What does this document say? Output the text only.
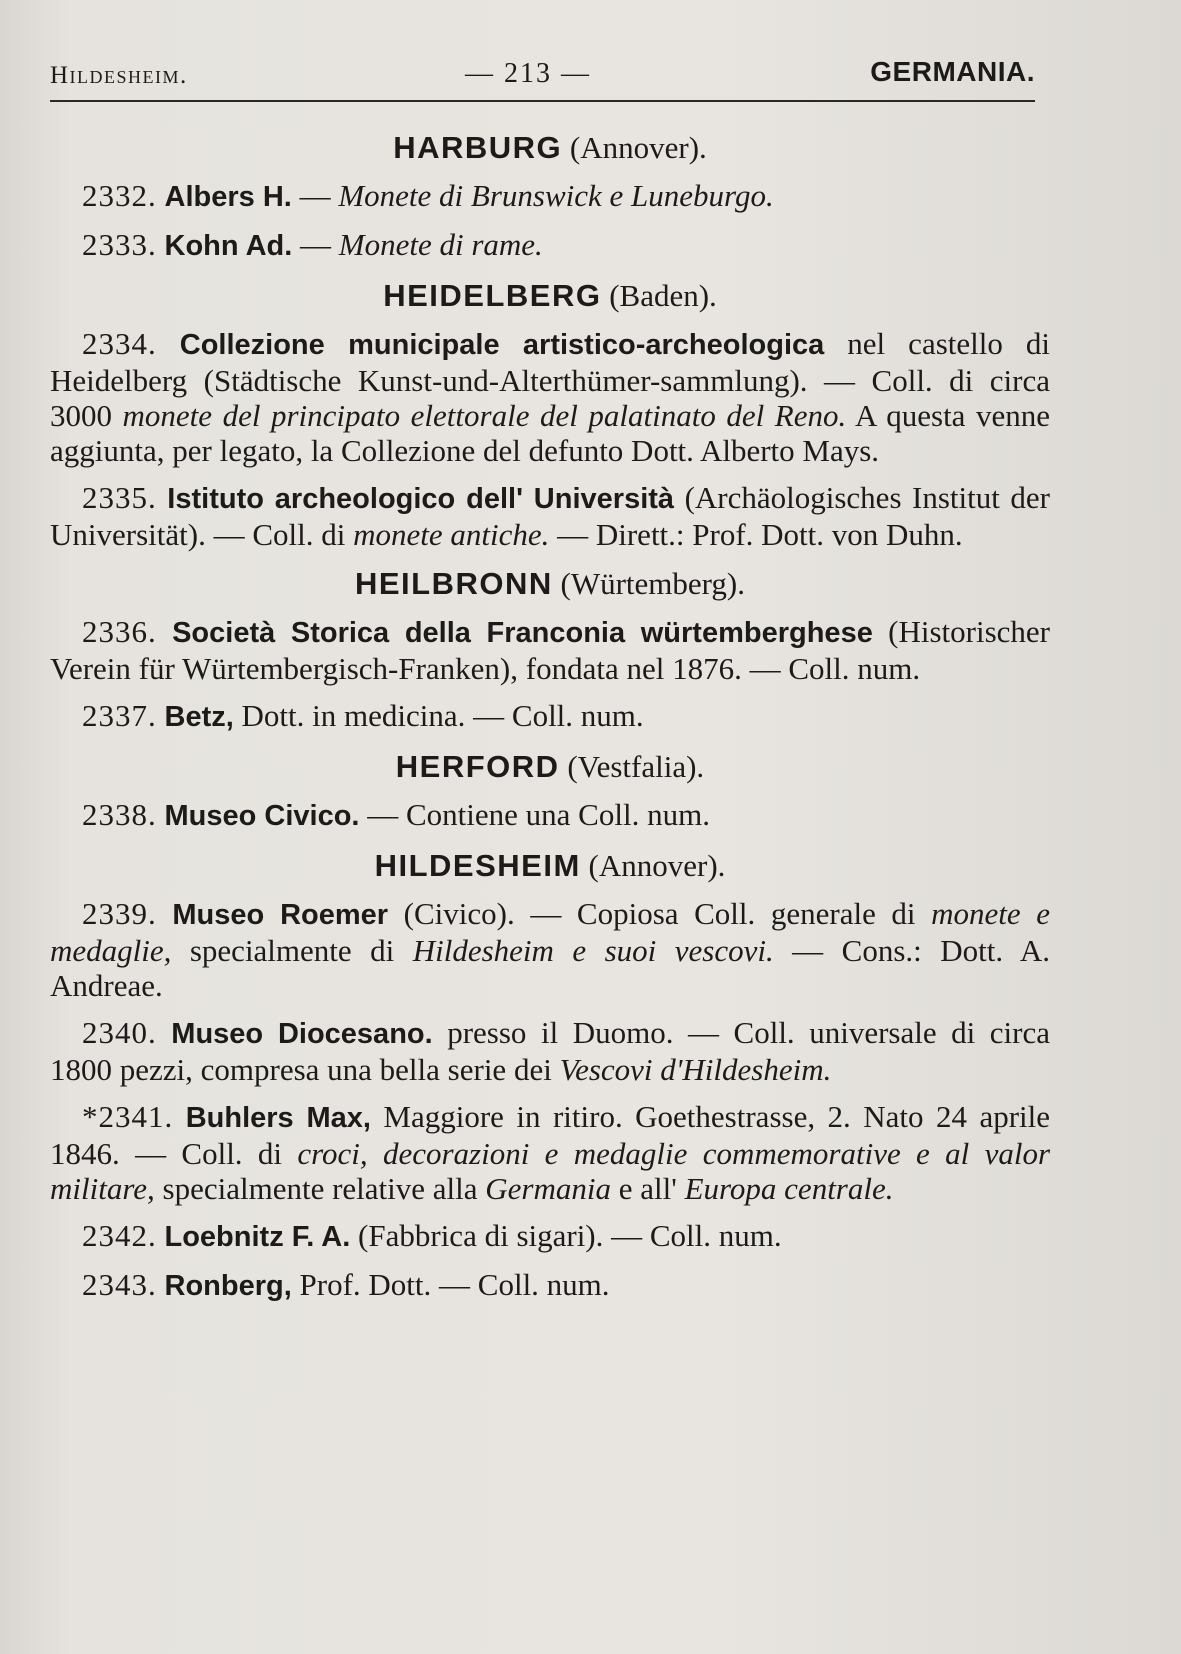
Hildesheim.	— 213 —	GERMANIA.
HARBURG (Annover).
2332. Albers H. — Monete di Brunswick e Luneburgo.
2333. Kohn Ad. — Monete di rame.
HEIDELBERG (Baden).
2334. Collezione municipale artistico-archeologica nel castello di Heidelberg (Städtische Kunst-und-Alterthümer-sammlung). — Coll. di circa 3000 monete del principato elettorale del palatinato del Reno. A questa venne aggiunta, per legato, la Collezione del defunto Dott. Alberto Mays.
2335. Istituto archeologico dell' Università (Archäologisches Institut der Universität). — Coll. di monete antiche. — Dirett.: Prof. Dott. von Duhn.
HEILBRONN (Würtemberg).
2336. Società Storica della Franconia würtemberghese (Historischer Verein für Würtembergisch-Franken), fondata nel 1876. — Coll. num.
2337. Betz, Dott. in medicina. — Coll. num.
HERFORD (Vestfalia).
2338. Museo Civico. — Contiene una Coll. num.
HILDESHEIM (Annover).
2339. Museo Roemer (Civico). — Copiosa Coll. generale di monete e medaglie, specialmente di Hildesheim e suoi vescovi. — Cons.: Dott. A. Andreae.
2340. Museo Diocesano. presso il Duomo. — Coll. universale di circa 1800 pezzi, compresa una bella serie dei Vescovi d'Hildesheim.
*2341. Buhlers Max, Maggiore in ritiro. Goethestrasse, 2. Nato 24 aprile 1846. — Coll. di croci, decorazioni e medaglie commemorative e al valor militare, specialmente relative alla Germania e all' Europa centrale.
2342. Loebnitz F. A. (Fabbrica di sigari). — Coll. num.
2343. Ronberg, Prof. Dott. — Coll. num.
